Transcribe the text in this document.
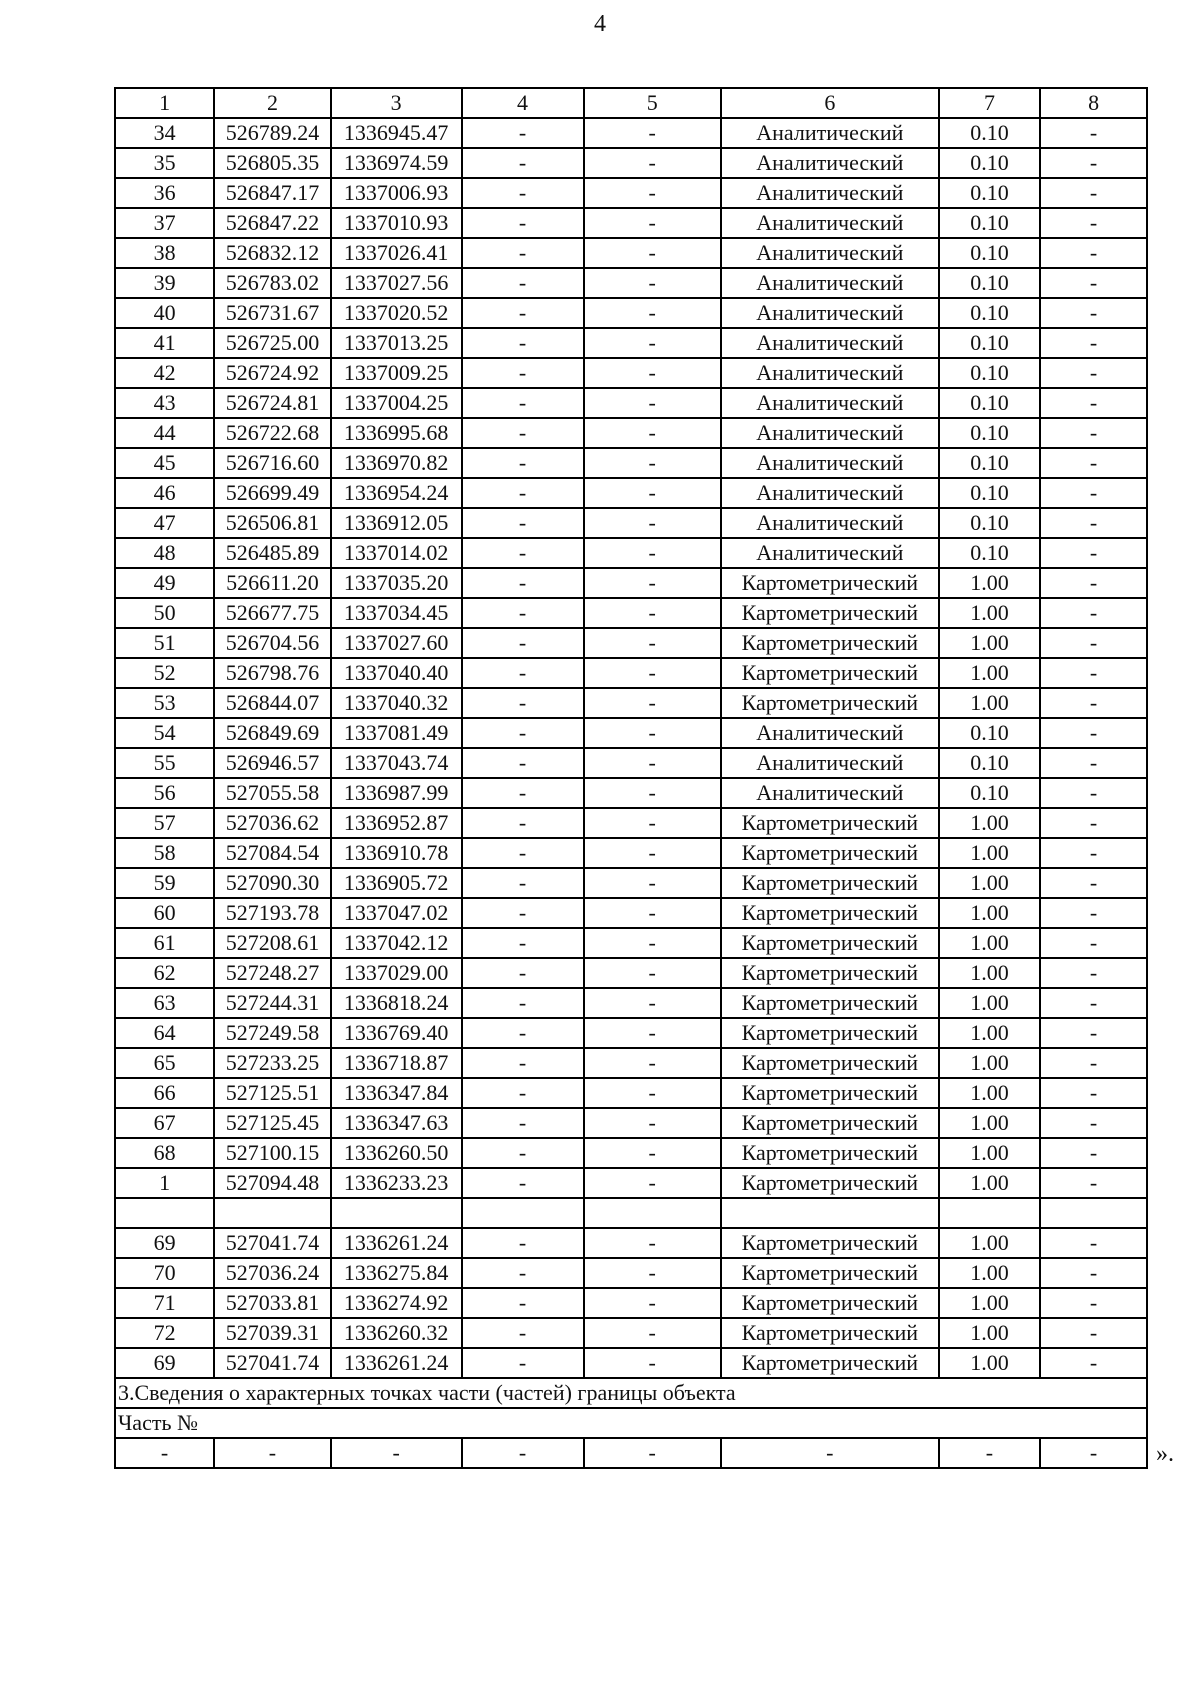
4
1	2	3	4	5	6	7	8
34	526789.24	1336945.47	-	-	Аналитический	0.10	-
35	526805.35	1336974.59	-	-	Аналитический	0.10	-
36	526847.17	1337006.93	-	-	Аналитический	0.10	-
37	526847.22	1337010.93	-	-	Аналитический	0.10	-
38	526832.12	1337026.41	-	-	Аналитический	0.10	-
39	526783.02	1337027.56	-	-	Аналитический	0.10	-
40	526731.67	1337020.52	-	-	Аналитический	0.10	-
41	526725.00	1337013.25	-	-	Аналитический	0.10	-
42	526724.92	1337009.25	-	-	Аналитический	0.10	-
43	526724.81	1337004.25	-	-	Аналитический	0.10	-
44	526722.68	1336995.68	-	-	Аналитический	0.10	-
45	526716.60	1336970.82	-	-	Аналитический	0.10	-
46	526699.49	1336954.24	-	-	Аналитический	0.10	-
47	526506.81	1336912.05	-	-	Аналитический	0.10	-
48	526485.89	1337014.02	-	-	Аналитический	0.10	-
49	526611.20	1337035.20	-	-	Картометрический	1.00	-
50	526677.75	1337034.45	-	-	Картометрический	1.00	-
51	526704.56	1337027.60	-	-	Картометрический	1.00	-
52	526798.76	1337040.40	-	-	Картометрический	1.00	-
53	526844.07	1337040.32	-	-	Картометрический	1.00	-
54	526849.69	1337081.49	-	-	Аналитический	0.10	-
55	526946.57	1337043.74	-	-	Аналитический	0.10	-
56	527055.58	1336987.99	-	-	Аналитический	0.10	-
57	527036.62	1336952.87	-	-	Картометрический	1.00	-
58	527084.54	1336910.78	-	-	Картометрический	1.00	-
59	527090.30	1336905.72	-	-	Картометрический	1.00	-
60	527193.78	1337047.02	-	-	Картометрический	1.00	-
61	527208.61	1337042.12	-	-	Картометрический	1.00	-
62	527248.27	1337029.00	-	-	Картометрический	1.00	-
63	527244.31	1336818.24	-	-	Картометрический	1.00	-
64	527249.58	1336769.40	-	-	Картометрический	1.00	-
65	527233.25	1336718.87	-	-	Картометрический	1.00	-
66	527125.51	1336347.84	-	-	Картометрический	1.00	-
67	527125.45	1336347.63	-	-	Картометрический	1.00	-
68	527100.15	1336260.50	-	-	Картометрический	1.00	-
1	527094.48	1336233.23	-	-	Картометрический	1.00	-

69	527041.74	1336261.24	-	-	Картометрический	1.00	-
70	527036.24	1336275.84	-	-	Картометрический	1.00	-
71	527033.81	1336274.92	-	-	Картометрический	1.00	-
72	527039.31	1336260.32	-	-	Картометрический	1.00	-
69	527041.74	1336261.24	-	-	Картометрический	1.00	-
3.Сведения о характерных точках части (частей) границы объекта							
Часть №							
-	-	-	-	-	-	-	- ».
